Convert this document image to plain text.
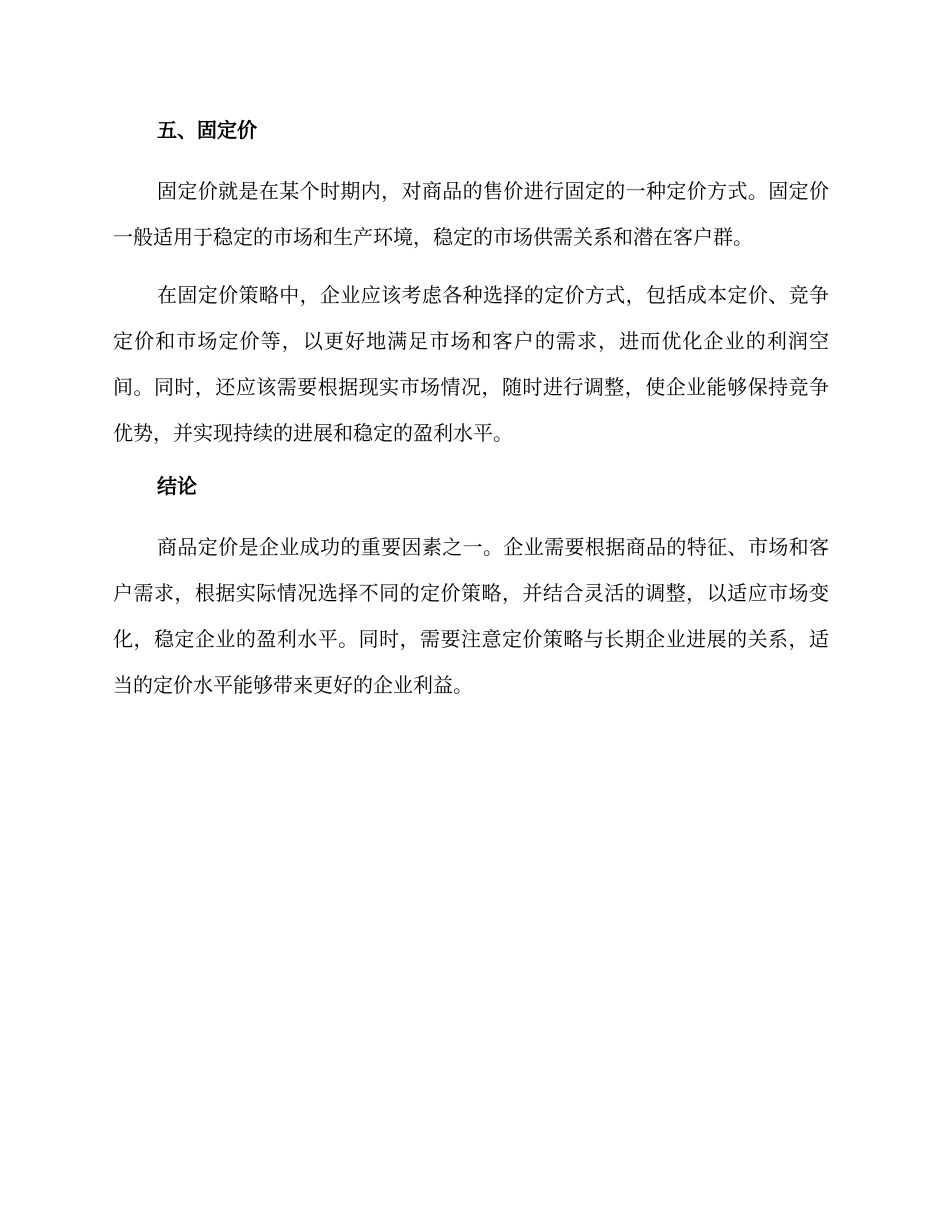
五、固定价

固定价就是在某个时期内，对商品的售价进行固定的一种定价方式。固定价一般适用于稳定的市场和生产环境，稳定的市场供需关系和潜在客户群。

在固定价策略中，企业应该考虑各种选择的定价方式，包括成本定价、竞争定价和市场定价等，以更好地满足市场和客户的需求，进而优化企业的利润空间。同时，还应该需要根据现实市场情况，随时进行调整，使企业能够保持竞争优势，并实现持续的进展和稳定的盈利水平。

结论

商品定价是企业成功的重要因素之一。企业需要根据商品的特征、市场和客户需求，根据实际情况选择不同的定价策略，并结合灵活的调整，以适应市场变化，稳定企业的盈利水平。同时，需要注意定价策略与长期企业进展的关系，适当的定价水平能够带来更好的企业利益。
